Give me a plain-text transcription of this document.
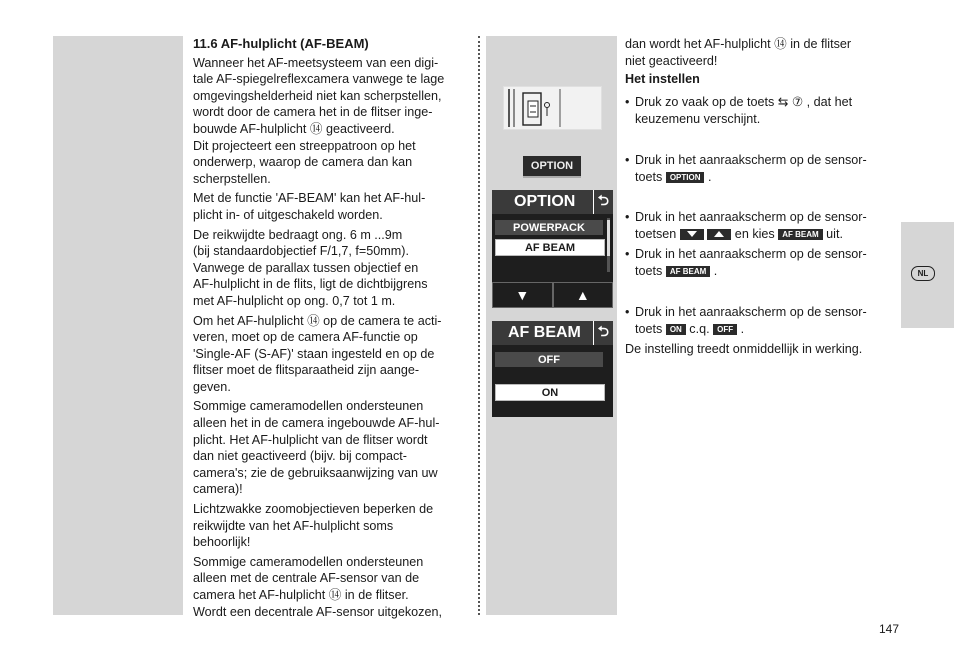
NL
11.6 AF-hulplicht (AF-BEAM)

Wanneer het AF-meetsysteem van een digi-
tale AF-spiegelreflexcamera vanwege te lage
omgevingshelderheid niet kan scherpstellen,
wordt door de camera het in de flitser inge-
bouwde AF-hulplicht ⑭ geactiveerd.
Dit projecteert een streeppatroon op het
onderwerp, waarop de camera dan kan
scherpstellen.

Met de functie 'AF-BEAM' kan het AF-hul-
plicht in- of uitgeschakeld worden.

De reikwijdte bedraagt ong. 6 m ...9m
(bij standaardobjectief F/1,7, f=50mm).
Vanwege de parallax tussen objectief en
AF-hulplicht in de flits, ligt de dichtbijgrens
met AF-hulplicht op ong. 0,7 tot 1 m.

Om het AF-hulplicht ⑭ op de camera te acti-
veren, moet op de camera AF-functie op
'Single-AF (S-AF)' staan ingesteld en op de
flitser moet de flitsparaatheid zijn aange-
geven.

Sommige cameramodellen ondersteunen
alleen het in de camera ingebouwde AF-hul-
plicht. Het AF-hulplicht van de flitser wordt
dan niet geactiveerd (bijv. bij compact-
camera's; zie de gebruiksaanwijzing van uw
camera)!

Lichtzwakke zoomobjectieven beperken de
reikwijdte van het AF-hulplicht soms
behoorlijk!

Sommige cameramodellen ondersteunen
alleen met de centrale AF-sensor van de
camera het AF-hulplicht ⑭ in de flitser.
Wordt een decentrale AF-sensor uitgekozen,

OPTION
OPTION	⮌
POWERPACK
AF BEAM
▼	▲
AF BEAM	⮌
OFF
ON

dan wordt het AF-hulplicht ⑭ in de flitser
niet geactiveerd!

Het instellen

• Druk zo vaak op de toets ⇆ ⑦ , dat het
keuzemenu verschijnt.
• Druk in het aanraakscherm op de sensor-
toets OPTION .
• Druk in het aanraakscherm op de sensor-
toetsen
	en kies AF BEAM uit.
• Druk in het aanraakscherm op de sensor-
toets AF BEAM .
• Druk in het aanraakscherm op de sensor-
toets ON c.q. OFF .
De instelling treedt onmiddellijk in werking.
147
